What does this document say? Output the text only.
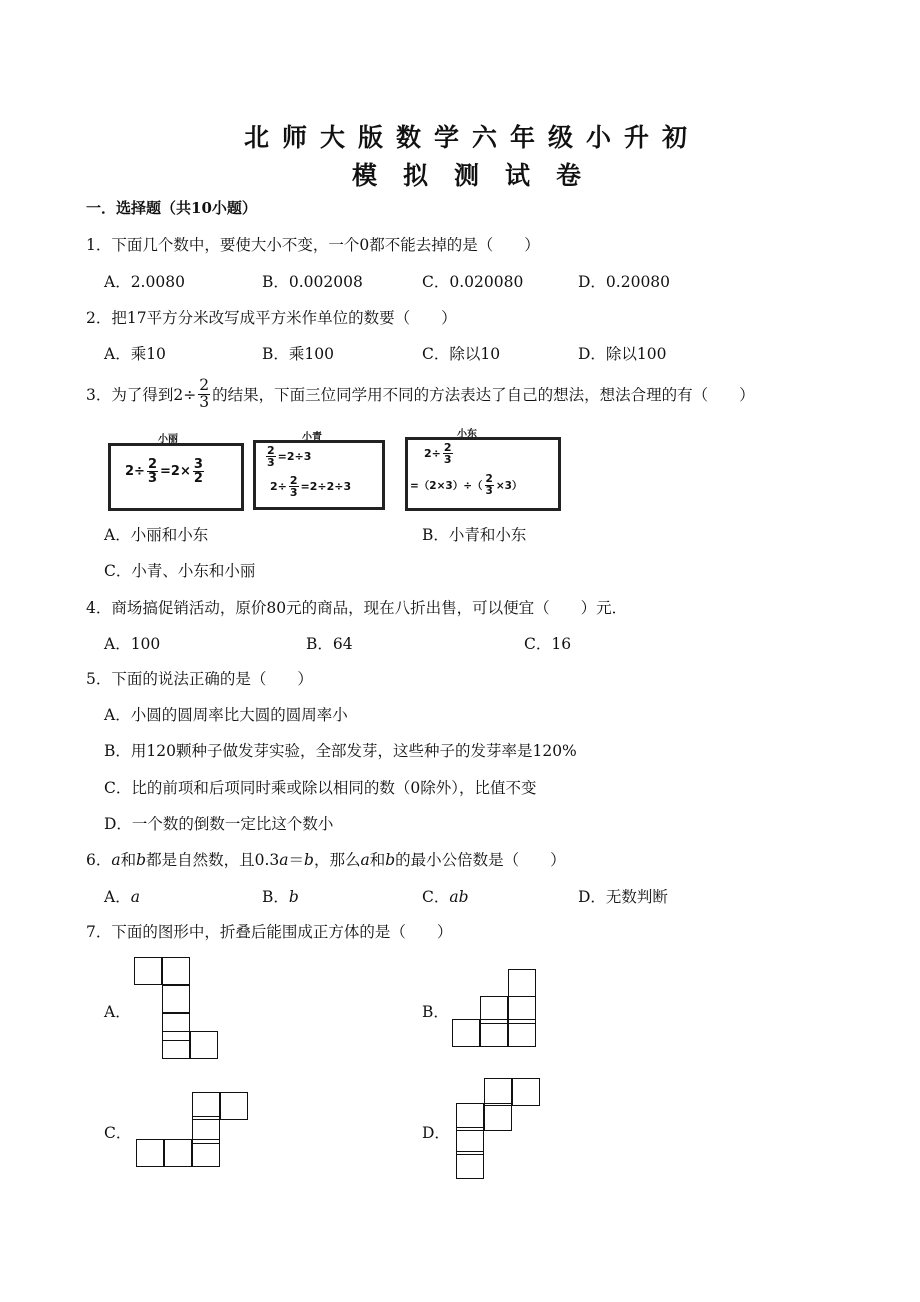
北师大版数学六年级小升初
模拟测试卷
一．选择题（共10小题）
1．下面几个数中，要使大小不变，一个0都不能去掉的是（　　）
A．2.0080	B．0.002008	C．0.020080	D．0.20080
2．把17平方分米改写成平方米作单位的数要（　　）
A．乘10	B．乘100	C．除以10	D．除以100
3．为了得到$2\div \frac{2}{3}$ 的结果，下面三位同学用不同的方法表达了自己的想法，想法合理的有（　　）
小丽
$2\div \frac{2}{3} =2\times \frac{3}{2}$
小青
$\frac{2}{3} =2\div 3$
$2\div \frac{2}{3} =2\div 2\div 3$
小东
$2\div \frac{2}{3}$
$=(2\times 3)\div( \frac{2}{3} \times 3)$
A．小丽和小东	B．小青和小东
C．小青、小东和小丽
4．商场搞促销活动，原价80元的商品，现在八折出售，可以便宜（　　）元．
A．100	B．64	C．16
5．下面的说法正确的是（　　）
A．小圆的圆周率比大圆的圆周率小
B．用120颗种子做发芽实验，全部发芽，这些种子的发芽率是120%
C．比的前项和后项同时乘或除以相同的数（0除外），比值不变
D．一个数的倒数一定比这个数小
6．a和b都是自然数，且0.3a＝b，那么a和b的最小公倍数是（　　）
A．a	B．b	C．ab	D．无数判断
7．下面的图形中，折叠后能围成正方体的是（　　）
A．	B．
C．	D．
